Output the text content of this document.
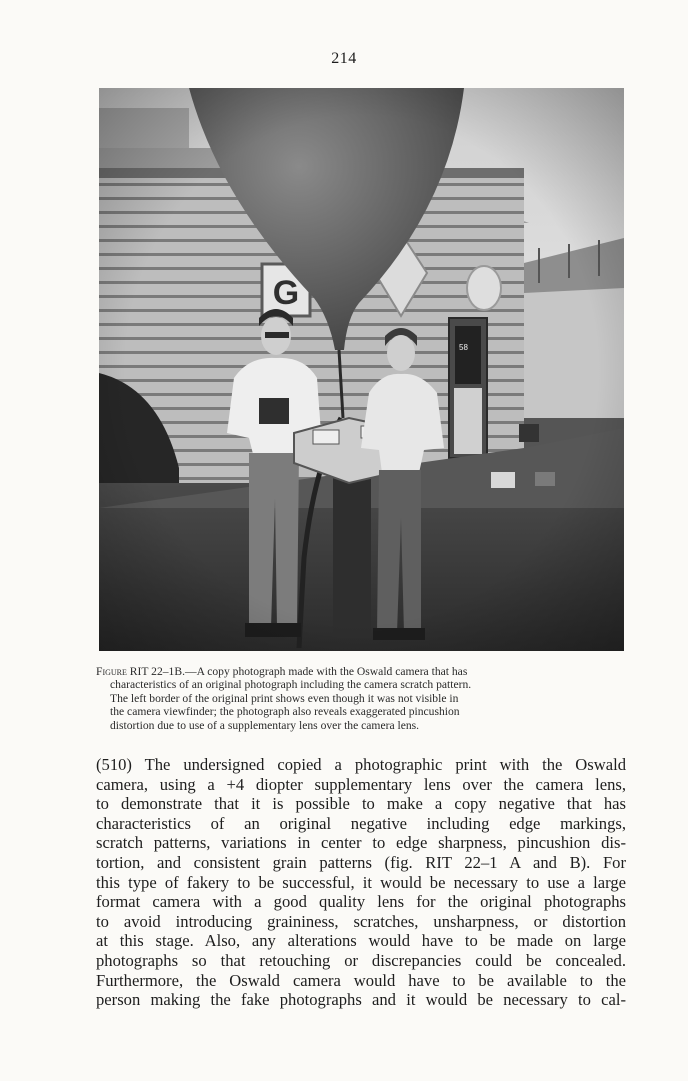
214
Figure RIT 22–1B.—A copy photograph made with the Oswald camera that has
characteristics of an original photograph including the camera scratch pattern.
The left border of the original print shows even though it was not visible in
the camera viewfinder; the photograph also reveals exaggerated pincushion
distortion due to use of a supplementary lens over the camera lens.
(510) The undersigned copied a photographic print with the Oswald
camera, using a +4 diopter supplementary lens over the camera lens,
to demonstrate that it is possible to make a copy negative that has
characteristics of an original negative including edge markings,
scratch patterns, variations in center to edge sharpness, pincushion dis-
tortion, and consistent grain patterns (fig. RIT 22–1 A and B). For
this type of fakery to be successful, it would be necessary to use a large
format camera with a good quality lens for the original photographs
to avoid introducing graininess, scratches, unsharpness, or distortion
at this stage. Also, any alterations would have to be made on large
photographs so that retouching or discrepancies could be concealed.
Furthermore, the Oswald camera would have to be available to the
person making the fake photographs and it would be necessary to cal-
